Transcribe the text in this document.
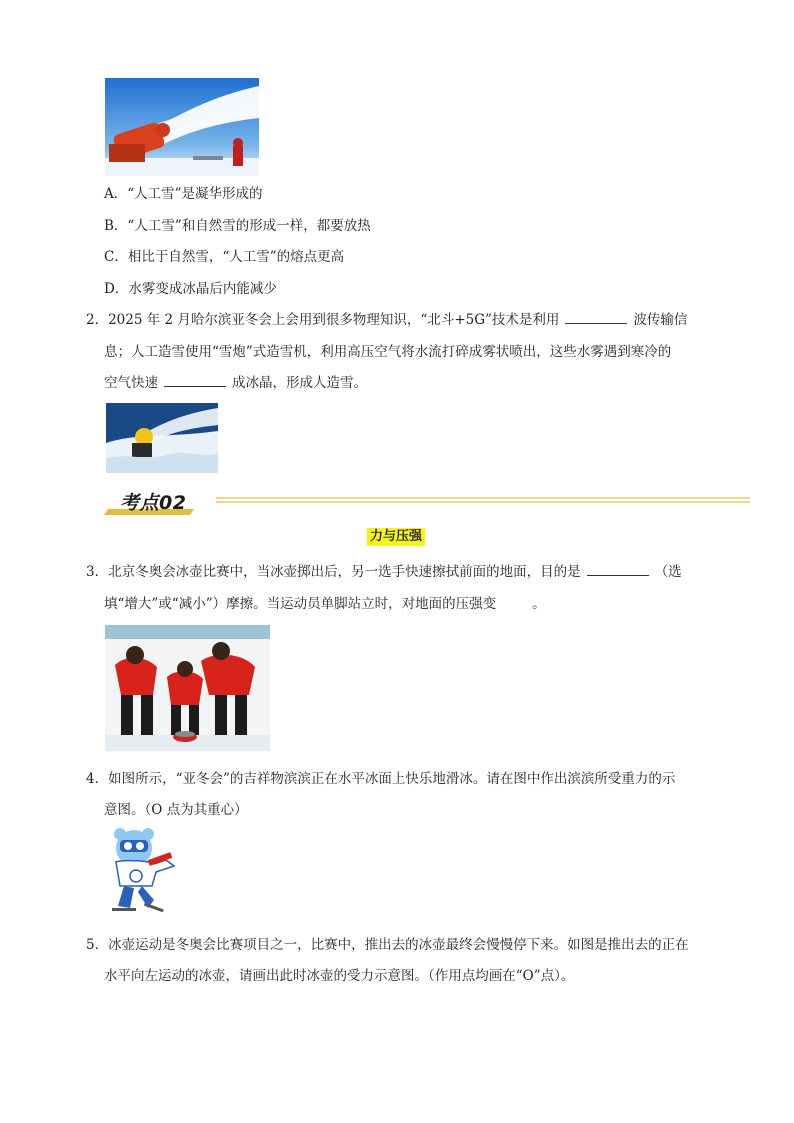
A．“人工雪”是凝华形成的
B．“人工雪”和自然雪的形成一样，都要放热
C．相比于自然雪，“人工雪”的熔点更高
D．水雾变成冰晶后内能减少
2．2025 年 2 月哈尔滨亚冬会上会用到很多物理知识，“北斗+5G”技术是利用	波传输信
息；人工造雪使用“雪炮”式造雪机，利用高压空气将水流打碎成雾状喷出，这些水雾遇到寒冷的
空气快速	成冰晶，形成人造雪。
考点02
力与压强
3．北京冬奥会冰壶比赛中，当冰壶掷出后，另一选手快速擦拭前面的地面，目的是	（选
填“增大”或“减小”）摩擦。当运动员单脚站立时，对地面的压强变	。
4．如图所示，“亚冬会”的吉祥物滨滨正在水平冰面上快乐地滑冰。请在图中作出滨滨所受重力的示
意图。（O 点为其重心）
5．冰壶运动是冬奥会比赛项目之一，比赛中，推出去的冰壶最终会慢慢停下来。如图是推出去的正在
水平向左运动的冰壶，请画出此时冰壶的受力示意图。（作用点均画在“O”点）。
